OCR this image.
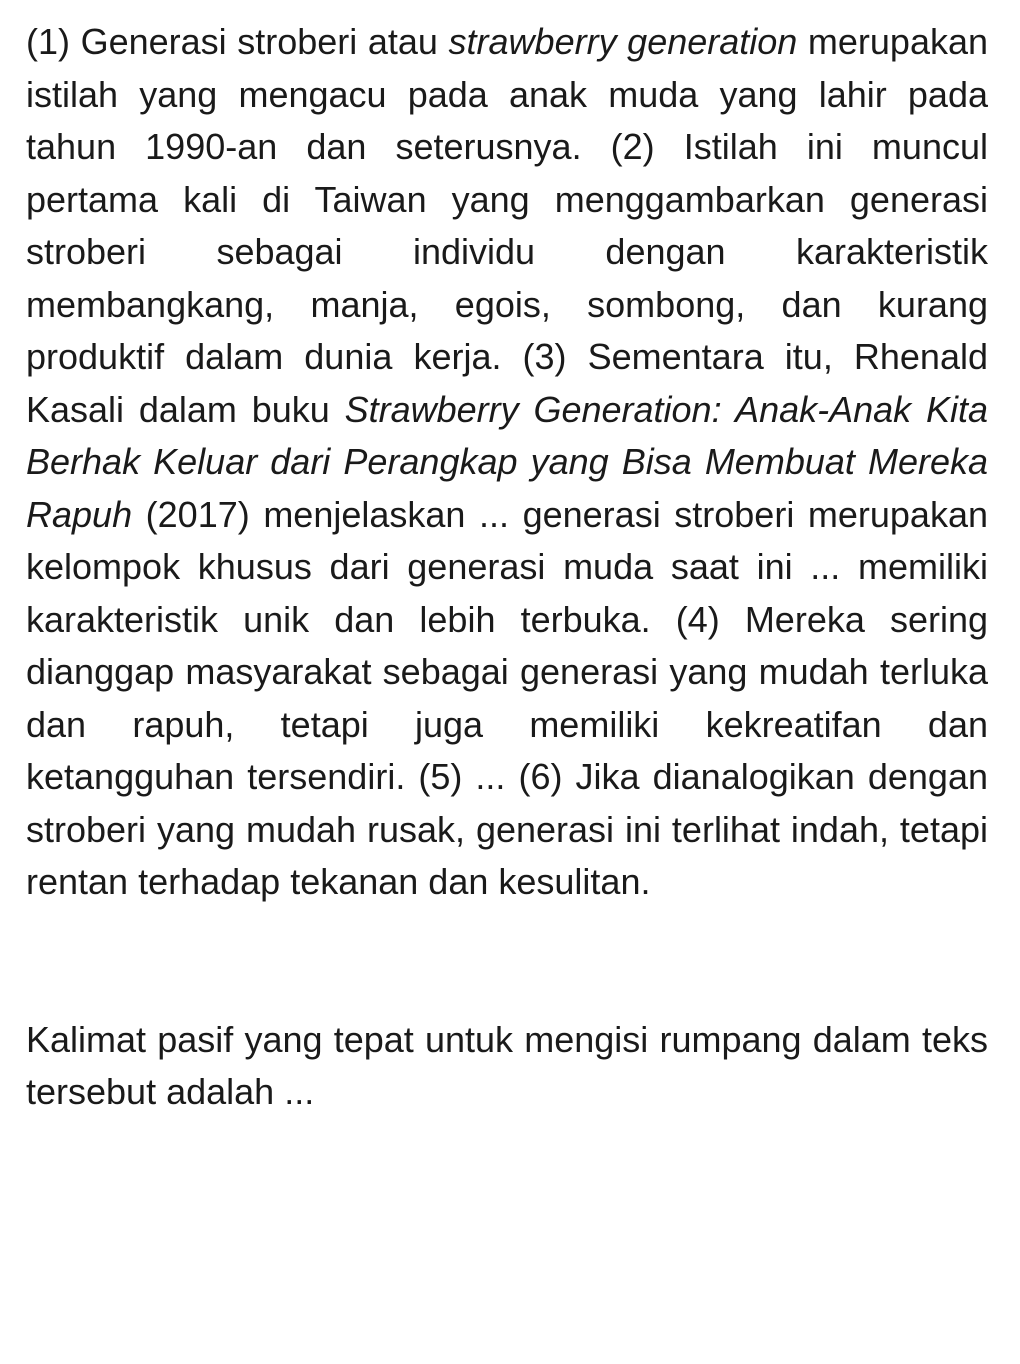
(1) Generasi stroberi atau strawberry generation merupakan istilah yang mengacu pada anak muda yang lahir pada tahun 1990-an dan seterusnya. (2) Istilah ini muncul pertama kali di Taiwan yang menggambarkan generasi stroberi sebagai individu dengan karakteristik membangkang, manja, egois, sombong, dan kurang produktif dalam dunia kerja. (3) Sementara itu, Rhenald Kasali dalam buku Strawberry Generation: Anak-Anak Kita Berhak Keluar dari Perangkap yang Bisa Membuat Mereka Rapuh (2017) menjelaskan ... generasi stroberi merupakan kelompok khusus dari generasi muda saat ini ... memiliki karakteristik unik dan lebih terbuka. (4) Mereka sering dianggap masyarakat sebagai generasi yang mudah terluka dan rapuh, tetapi juga memiliki kekreatifan dan ketangguhan tersendiri. (5) ... (6) Jika dianalogikan dengan stroberi yang mudah rusak, generasi ini terlihat indah, tetapi rentan terhadap tekanan dan kesulitan.

Kalimat pasif yang tepat untuk mengisi rumpang dalam teks tersebut adalah ...
